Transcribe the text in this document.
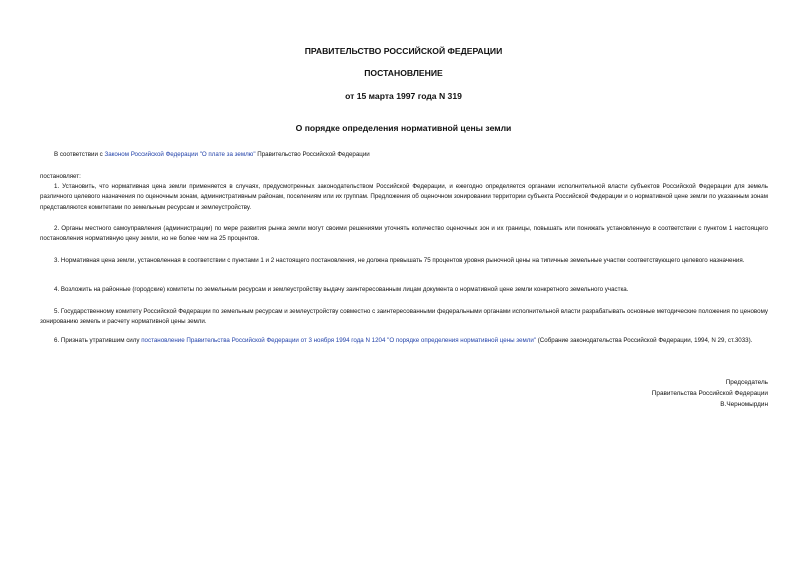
ПРАВИТЕЛЬСТВО РОССИЙСКОЙ ФЕДЕРАЦИИ
ПОСТАНОВЛЕНИЕ
от 15 марта 1997 года N 319
О порядке определения нормативной цены земли
В соответствии с Законом Российской Федерации "О плате за землю" Правительство Российской Федерации
постановляет:
1. Установить, что нормативная цена земли применяется в случаях, предусмотренных законодательством Российской Федерации, и ежегодно определяется органами исполнительной власти субъектов Российской Федерации для земель различного целевого назначения по оценочным зонам, административным районам, поселениям или их группам. Предложения об оценочном зонировании территории субъекта Российской Федерации и о нормативной цене земли по указанным зонам представляются комитетами по земельным ресурсам и землеустройству.
2. Органы местного самоуправления (администрации) по мере развития рынка земли могут своими решениями уточнять количество оценочных зон и их границы, повышать или понижать установленную в соответствии с пунктом 1 настоящего постановления нормативную цену земли, но не более чем на 25 процентов.
3. Нормативная цена земли, установленная в соответствии с пунктами 1 и 2 настоящего постановления, не должна превышать 75 процентов уровня рыночной цены на типичные земельные участки соответствующего целевого назначения.
4. Возложить на районные (городские) комитеты по земельным ресурсам и землеустройству выдачу заинтересованным лицам документа о нормативной цене земли конкретного земельного участка.
5. Государственному комитету Российской Федерации по земельным ресурсам и землеустройству совместно с заинтересованными федеральными органами исполнительной власти разрабатывать основные методические положения по ценовому зонированию земель и расчету нормативной цены земли.
6. Признать утратившим силу постановление Правительства Российской Федерации от 3 ноября 1994 года N 1204 "О порядке определения нормативной цены земли" (Собрание законодательства Российской Федерации, 1994, N 29, ст.3033).
Председатель
Правительства Российской Федерации
В.Черномырдин
